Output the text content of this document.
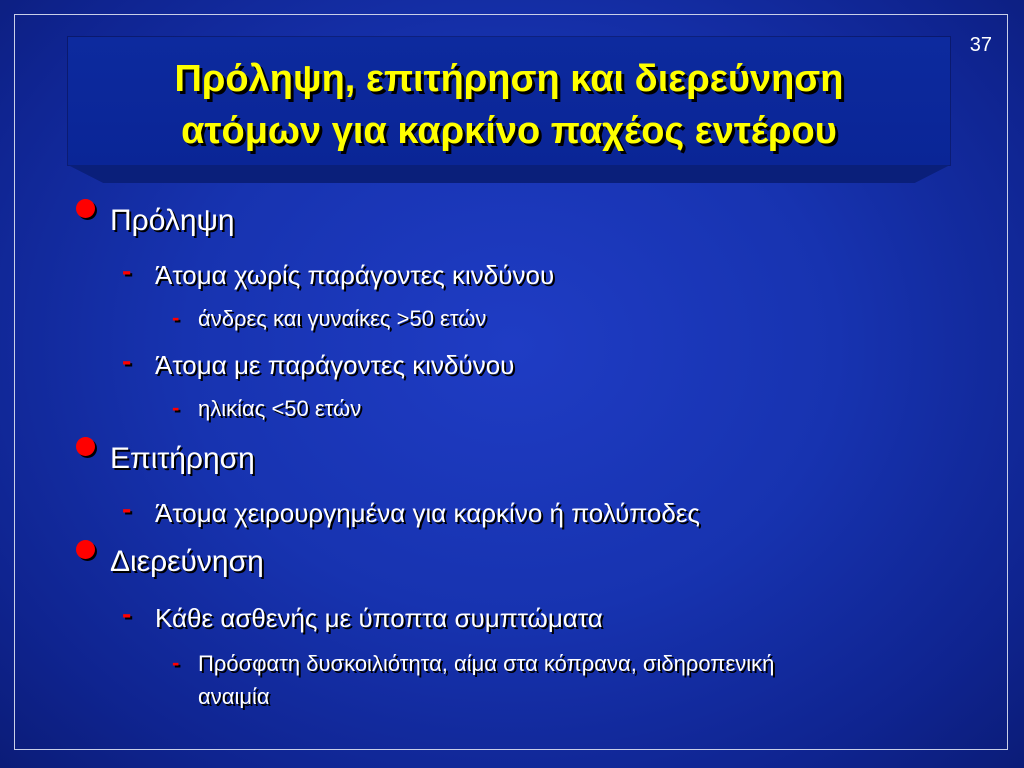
37
Πρόληψη, επιτήρηση και διερεύνηση
ατόμων για καρκίνο παχέος εντέρου
Πρόληψη
- Άτομα χωρίς παράγοντες κινδύνου
- άνδρες και γυναίκες >50 ετών
- Άτομα με παράγοντες κινδύνου
- ηλικίας <50 ετών
Επιτήρηση
- Άτομα χειρουργημένα για καρκίνο ή πολύποδες
Διερεύνηση
- Κάθε ασθενής με ύποπτα συμπτώματα
- Πρόσφατη δυσκοιλιότητα, αίμα στα κόπρανα, σιδηροπενική
αναιμία
